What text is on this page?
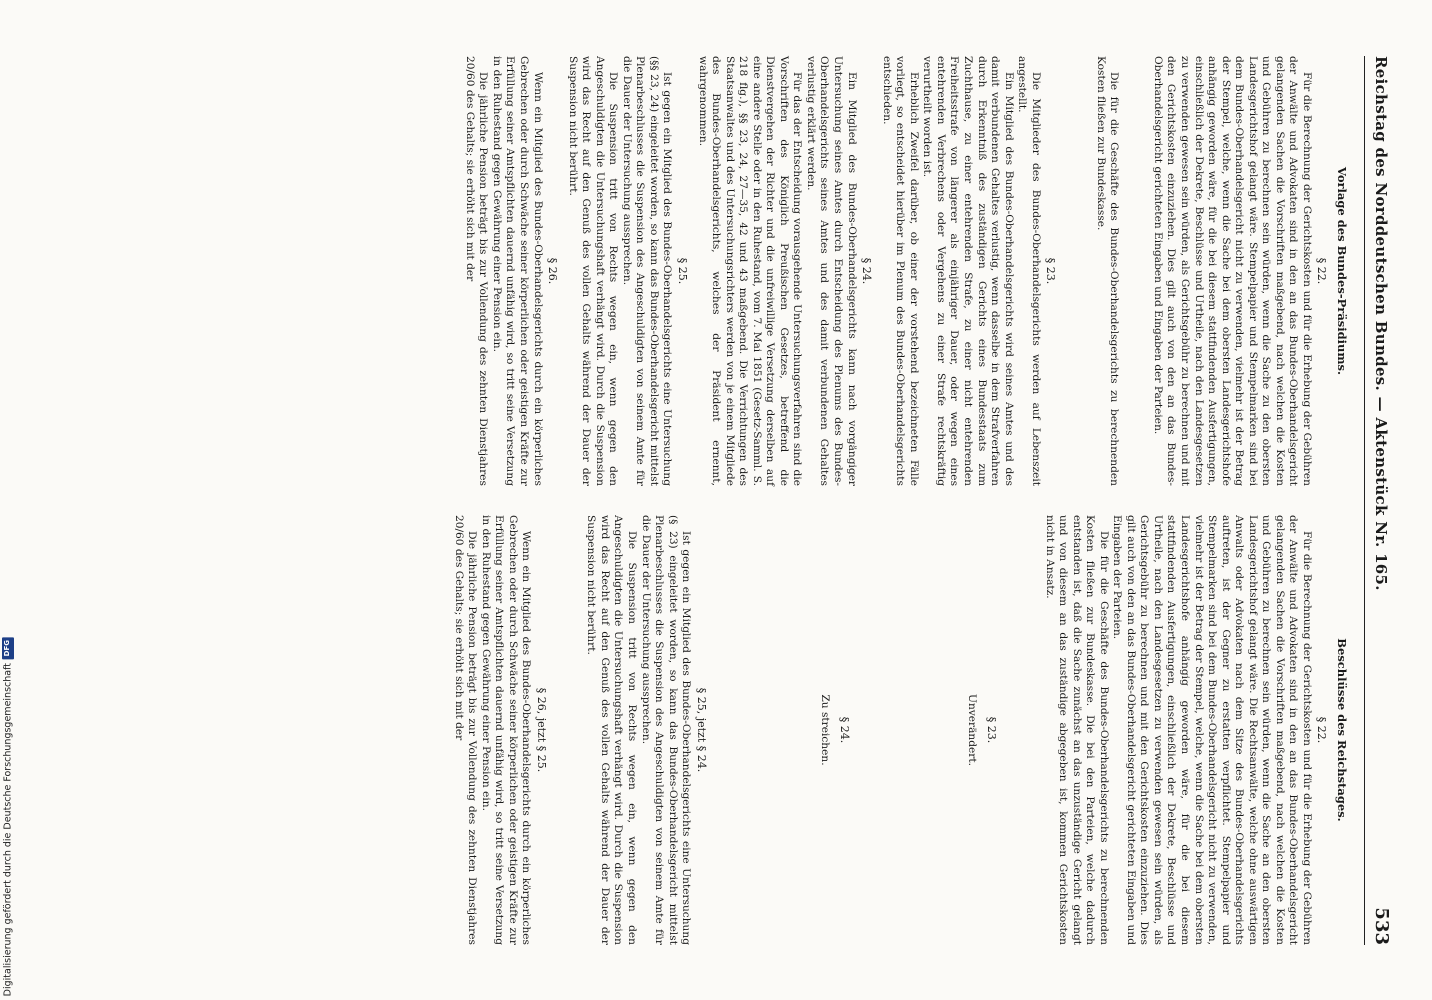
Reichstag des Norddeutschen Bundes. — Aktenstück Nr. 165.
533
Vorlage des Bundes-Präsidiums.
§ 22.

Für die Berechnung der Gerichtskosten und für die Erhebung der Gebühren der Anwälte und Advokaten sind in den an das Bundes-Oberhandelsgericht gelangenden Sachen die Vorschriften maßgebend, nach welchen die Kosten und Gebühren zu berechnen sein würden, wenn die Sache zu den obersten Landesgerichtshof gelangt wäre. Stempelpapier und Stempelmarken sind bei dem Bundes-Oberhandelsgericht nicht zu verwenden, vielmehr ist der Betrag der Stempel, welche, wenn die Sache bei dem obersten Landesgerichtshofe anhängig geworden wäre, für die bei diesem stattfindenden Ausfertigungen, einschließlich der Dekrete, Beschlüsse und Urtheile, nach den Landesgesetzen zu verwenden gewesen sein würden, als Gerichtsgebühr zu berechnen und mit den Gerichtskosten einzuziehen. Dies gilt auch von den an das Bundes-Oberhandelsgericht gerichteten Eingaben und Eingaben der Parteien.

Die für die Geschäfte des Bundes-Oberhandelsgerichts zu berechnenden Kosten fließen zur Bundeskasse.

§ 23.

Die Mitglieder des Bundes-Oberhandelsgerichts werden auf Lebenszeit angestellt.

Ein Mitglied des Bundes-Oberhandelsgerichts wird seines Amtes und des damit verbundenen Gehaltes verlustig, wenn dasselbe in dem Strafverfahren durch Erkenntniß des zuständigen Gerichts eines Bundesstaats zum Zuchthause, zu einer entehrenden Strafe, zu einer nicht entehrenden Freiheitsstrafe von längerer als einjähriger Dauer, oder wegen eines entehrenden Verbrechens oder Vergehens zu einer Strafe rechtskräftig verurtheilt worden ist.

Erheblich Zweifel darüber, ob einer der vorstehend bezeichneten Fälle vorliegt, so entscheidet hierüber im Plenum des Bundes-Oberhandelsgerichts entschieden.

§ 24.

Ein Mitglied des Bundes-Oberhandelsgerichts kann nach vorgängiger Untersuchung seines Amtes durch Entscheidung des Plenums des Bundes-Oberhandelsgerichts seines Amtes und des damit verbundenen Gehaltes verlustig erklärt werden.

Für das der Entscheidung vorausgehende Untersuchungsverfahren sind die Vorschriften des Königlich Preußischen Gesetzes, betreffend die Dienstvergehen der Richter und die unfreiwillige Versetzung derselben auf eine andere Stelle oder in den Ruhestand, vom 7. Mai 1851 (Gesetz-Samml. S. 218 flg.), §§ 23, 24, 27—35, 42 und 43 maßgebend. Die Verrichtungen des Staatsanwaltes und des Untersuchungsrichters werden von je einem Mitgliede des Bundes-Oberhandelsgerichts, welches der Präsident ernennt, wahrgenommen.

§ 25.

Ist gegen ein Mitglied des Bundes-Oberhandelsgerichts eine Untersuchung (§§ 23, 24) eingeleitet worden, so kann das Bundes-Oberhandelsgericht mittelst Plenarbeschlusses die Suspension des Angeschuldigten von seinem Amte für die Dauer der Untersuchung aussprechen.

Die Suspension tritt von Rechts wegen ein, wenn gegen den Angeschuldigten die Untersuchungshaft verhängt wird. Durch die Suspension wird das Recht auf den Genuß des vollen Gehalts während der Dauer der Suspension nicht berührt.

§ 26.

Wenn ein Mitglied des Bundes-Oberhandelsgerichts durch ein körperliches Gebrechen oder durch Schwäche seiner körperlichen oder geistigen Kräfte zur Erfüllung seiner Amtspflichten dauernd unfähig wird, so tritt seine Versetzung in den Ruhestand gegen Gewährung einer Pension ein.

Die jährliche Pension beträgt bis zur Vollendung des zehnten Dienstjahres 20/60 des Gehalts; sie erhöht sich mit der

Beschlüsse des Reichstages.
§ 22.

Für die Berechnung der Gerichtskosten und für die Erhebung der Gebühren der Anwälte und Advokaten sind in den an das Bundes-Oberhandelsgericht gelangenden Sachen die Vorschriften maßgebend, nach welchen die Kosten und Gebühren zu berechnen sein würden, wenn die Sache an den obersten Landesgerichtshof gelangt wäre. Die Rechtsanwälte, welche ohne auswärtigen Anwalts oder Advokaten nach dem Sitze des Bundes-Oberhandelsgerichts auftreten, ist der Gegner zu erstatten verpflichtet. Stempelpapier und Stempelmarken sind bei dem Bundes-Oberhandelsgericht nicht zu verwenden, vielmehr ist der Betrag der Stempel, welche, wenn die Sache bei dem obersten Landesgerichtshofe anhängig geworden wäre, für die bei diesem stattfindenden Ausfertigungen, einschließlich der Dekrete, Beschlüsse und Urtheile, nach den Landesgesetzen zu verwenden gewesen sein würden, als Gerichtsgebühr zu berechnen und mit den Gerichtskosten einzuziehen. Dies gilt auch von den an das Bundes-Oberhandelsgericht gerichteten Eingaben und Eingaben der Parteien.

Die für die Geschäfte des Bundes-Oberhandelsgerichts zu berechnenden Kosten fließen zur Bundeskasse. Die bei den Parteien, welche dadurch entstanden ist, daß die Sache zunächst an das unzuständige Gericht gelangt und von diesem an das zuständige abgegeben ist, kommen Gerichtskosten nicht in Ansatz.

§ 23.
Unverändert.
§ 24.
Zu streichen.
§ 25, jetzt § 24.

Ist gegen ein Mitglied des Bundes-Oberhandelsgerichts eine Untersuchung (§ 23) eingeleitet worden, so kann das Bundes-Oberhandelsgericht mittelst Plenarbeschlusses die Suspension des Angeschuldigten von seinem Amte für die Dauer der Untersuchung aussprechen.

Die Suspension tritt von Rechts wegen ein, wenn gegen den Angeschuldigten die Untersuchungshaft verhängt wird. Durch die Suspension wird das Recht auf den Genuß des vollen Gehalts während der Dauer der Suspension nicht berührt.

§ 26, jetzt § 25.

Wenn ein Mitglied des Bundes-Oberhandelsgerichts durch ein körperliches Gebrechen oder durch Schwäche seiner körperlichen oder geistigen Kräfte zur Erfüllung seiner Amtspflichten dauernd unfähig wird, so tritt seine Versetzung in den Ruhestand gegen Gewährung einer Pension ein.

Die jährliche Pension beträgt bis zur Vollendung des zehnten Dienstjahres 20/60 des Gehalts; sie erhöht sich mit der

Digitalisierung gefördert durch die Deutsche Forschungsgemeinschaft
DFG
